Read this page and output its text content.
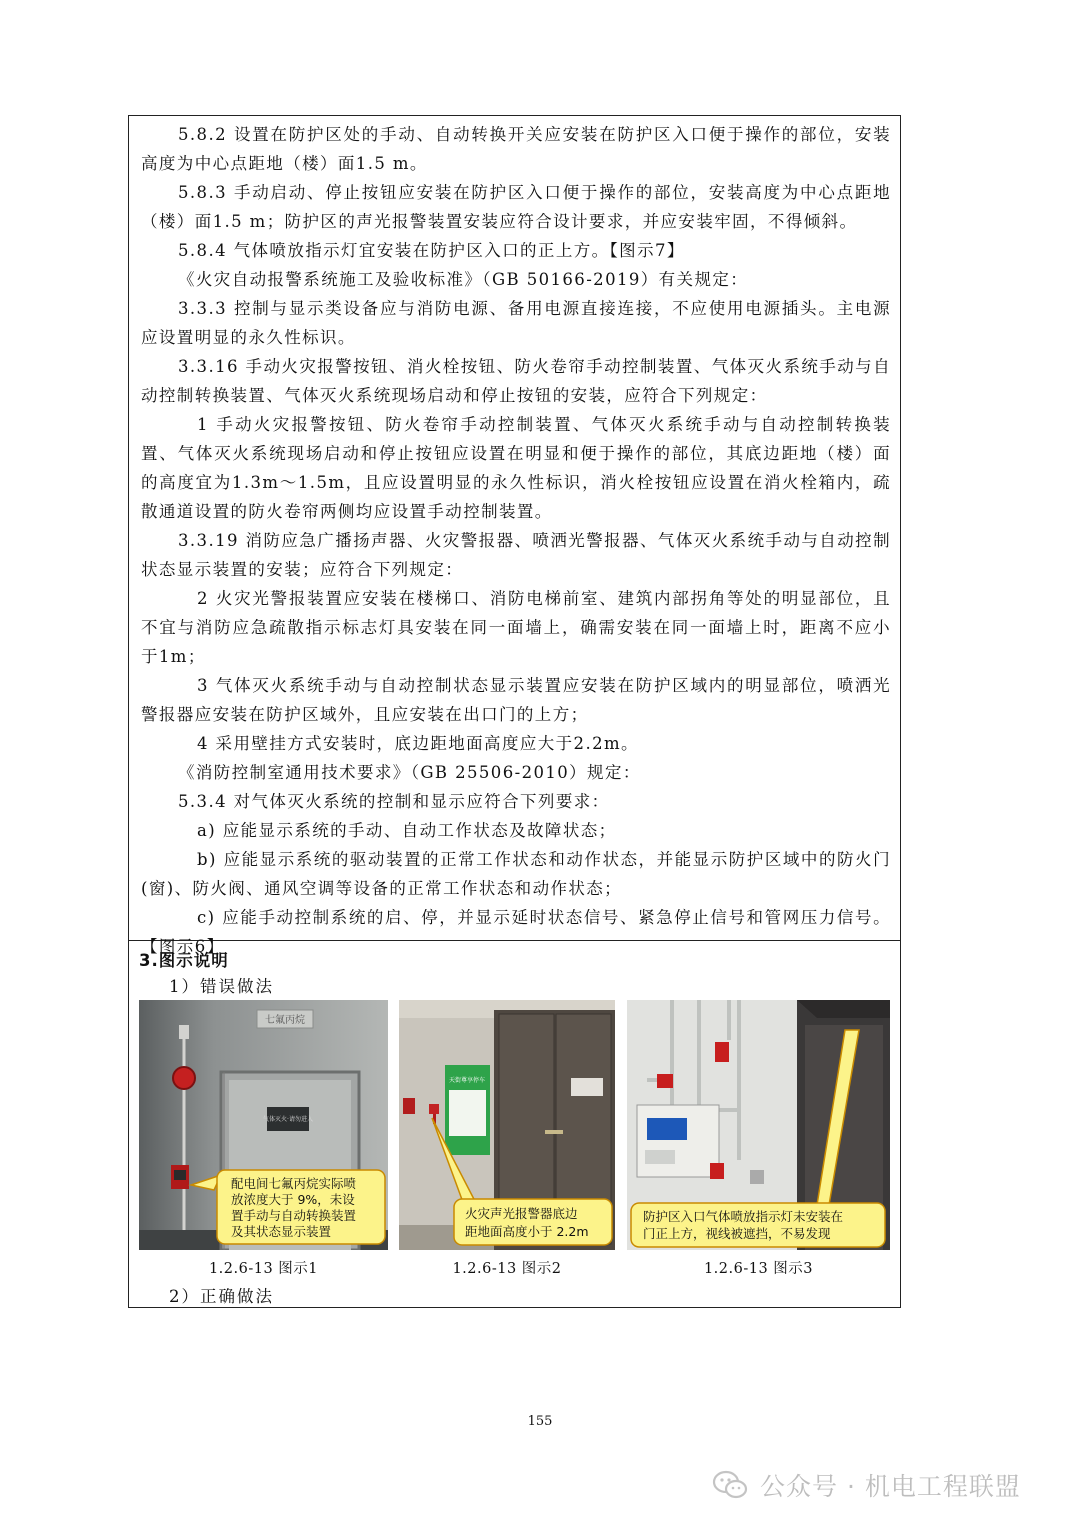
5.8.2 设置在防护区处的手动、自动转换开关应安装在防护区入口便于操作的部位，安装高度为中心点距地（楼）面1.5 m。

5.8.3 手动启动、停止按钮应安装在防护区入口便于操作的部位，安装高度为中心点距地（楼）面1.5 m；防护区的声光报警装置安装应符合设计要求，并应安装牢固，不得倾斜。

5.8.4 气体喷放指示灯宜安装在防护区入口的正上方。【图示7】

《火灾自动报警系统施工及验收标准》（GB 50166-2019）有关规定：

3.3.3 控制与显示类设备应与消防电源、备用电源直接连接，不应使用电源插头。主电源应设置明显的永久性标识。

3.3.16 手动火灾报警按钮、消火栓按钮、防火卷帘手动控制装置、气体灭火系统手动与自动控制转换装置、气体灭火系统现场启动和停止按钮的安装，应符合下列规定：

1 手动火灾报警按钮、防火卷帘手动控制装置、气体灭火系统手动与自动控制转换装置、气体灭火系统现场启动和停止按钮应设置在明显和便于操作的部位，其底边距地（楼）面的高度宜为1.3m～1.5m，且应设置明显的永久性标识，消火栓按钮应设置在消火栓箱内，疏散通道设置的防火卷帘两侧均应设置手动控制装置。

3.3.19 消防应急广播扬声器、火灾警报器、喷洒光警报器、气体灭火系统手动与自动控制状态显示装置的安装；应符合下列规定：

2 火灾光警报装置应安装在楼梯口、消防电梯前室、建筑内部拐角等处的明显部位，且不宜与消防应急疏散指示标志灯具安装在同一面墙上，确需安装在同一面墙上时，距离不应小于1m；

3 气体灭火系统手动与自动控制状态显示装置应安装在防护区域内的明显部位，喷洒光警报器应安装在防护区域外，且应安装在出口门的上方；

4 采用壁挂方式安装时，底边距地面高度应大于2.2m。

《消防控制室通用技术要求》（GB 25506-2010）规定：

5.3.4 对气体灭火系统的控制和显示应符合下列要求：

a) 应能显示系统的手动、自动工作状态及故障状态；

b) 应能显示系统的驱动装置的正常工作状态和动作状态，并能显示防护区域中的防火门(窗)、防火阀、通风空调等设备的正常工作状态和动作状态；

c) 应能手动控制系统的启、停，并显示延时状态信号、紧急停止信号和管网压力信号。【图示6】

3.图示说明
1）错误做法
七氟丙烷
气体灭火·请勿进入
配电间七氟丙烷实际喷
放浓度大于 9%，未设
置手动与自动转换装置
及其状态显示装置
1.2.6-13 图示1
天街尊享停车
火灾声光报警器底边
距地面高度小于 2.2m
1.2.6-13 图示2
防护区入口气体喷放指示灯未安装在
门正上方，视线被遮挡，不易发现
1.2.6-13 图示3
2）正确做法
155
公众号 · 机电工程联盟
